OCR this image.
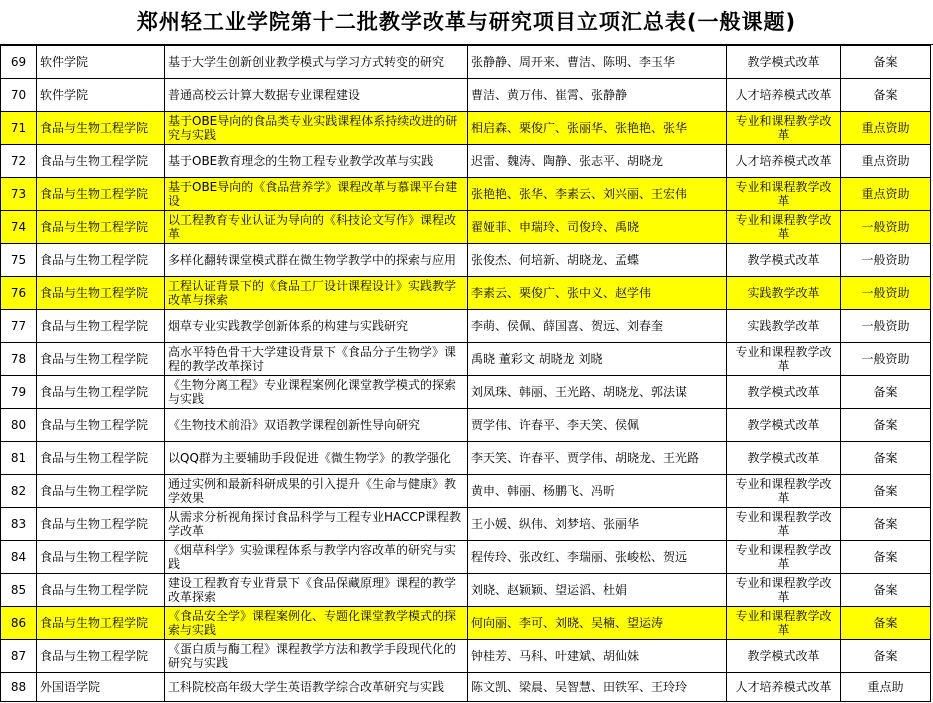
郑州轻工业学院第十二批教学改革与研究项目立项汇总表(一般课题)
69	软件学院	基于大学生创新创业教学模式与学习方式转变的研究	张静静、周开来、曹洁、陈明、李玉华	教学模式改革	备案
70	软件学院	普通高校云计算大数据专业课程建设	曹洁、黄万伟、崔霄、张静静	人才培养模式改革	备案
71	食品与生物工程学院	基于OBE导向的食品类专业实践课程体系持续改进的研究与实践	相启森、栗俊广、张丽华、张艳艳、张华	专业和课程教学改革	重点资助
72	食品与生物工程学院	基于OBE教育理念的生物工程专业教学改革与实践	迟雷、魏涛、陶静、张志平、胡晓龙	人才培养模式改革	重点资助
73	食品与生物工程学院	基于OBE导向的《食品营养学》课程改革与慕课平台建设	张艳艳、张华、李素云、刘兴丽、王宏伟	专业和课程教学改革	重点资助
74	食品与生物工程学院	以工程教育专业认证为导向的《科技论文写作》课程改革	翟娅菲、申瑞玲、司俊玲、禹晓	专业和课程教学改革	一般资助
75	食品与生物工程学院	多样化翻转课堂模式群在微生物学教学中的探索与应用	张俊杰、何培新、胡晓龙、孟蝶	教学模式改革	一般资助
76	食品与生物工程学院	工程认证背景下的《食品工厂设计课程设计》实践教学改革与探索	李素云、栗俊广、张中义、赵学伟	实践教学改革	一般资助
77	食品与生物工程学院	烟草专业实践教学创新体系的构建与实践研究	李萌、侯佩、薛国喜、贺远、刘春奎	实践教学改革	一般资助
78	食品与生物工程学院	高水平特色骨干大学建设背景下《食品分子生物学》课程的教学改革探讨	禹晓 董彩文 胡晓龙 刘晓	专业和课程教学改革	一般资助
79	食品与生物工程学院	《生物分离工程》专业课程案例化课堂教学模式的探索与实践	刘凤珠、韩丽、王光路、胡晓龙、郭法谋	教学模式改革	备案
80	食品与生物工程学院	《生物技术前沿》双语教学课程创新性导向研究	贾学伟、许春平、李天笑、侯佩	教学模式改革	备案
81	食品与生物工程学院	以QQ群为主要辅助手段促进《微生物学》的教学强化	李天笑、许春平、贾学伟、胡晓龙、王光路	教学模式改革	备案
82	食品与生物工程学院	通过实例和最新科研成果的引入提升《生命与健康》教学效果	黄申、韩丽、杨鹏飞、冯昕	专业和课程教学改革	备案
83	食品与生物工程学院	从需求分析视角探讨食品科学与工程专业HACCP课程教学改革	王小媛、纵伟、刘梦培、张丽华	专业和课程教学改革	备案
84	食品与生物工程学院	《烟草科学》实验课程体系与教学内容改革的研究与实践	程传玲、张改红、李瑞丽、张峻松、贺远	专业和课程教学改革	备案
85	食品与生物工程学院	建设工程教育专业背景下《食品保藏原理》课程的教学改革探索	刘晓、赵颖颖、望运滔、杜娟	专业和课程教学改革	备案
86	食品与生物工程学院	《食品安全学》课程案例化、专题化课堂教学模式的探索与实践	何向丽、李可、刘晓、吴楠、望运涛	专业和课程教学改革	备案
87	食品与生物工程学院	《蛋白质与酶工程》课程教学方法和教学手段现代化的研究与实践	钟桂芳、马科、叶建斌、胡仙妹	教学模式改革	备案
88	外国语学院	工科院校高年级大学生英语教学综合改革研究与实践	陈文凯、梁晨、吴智慧、田铁军、王玲玲	人才培养模式改革	重点助
